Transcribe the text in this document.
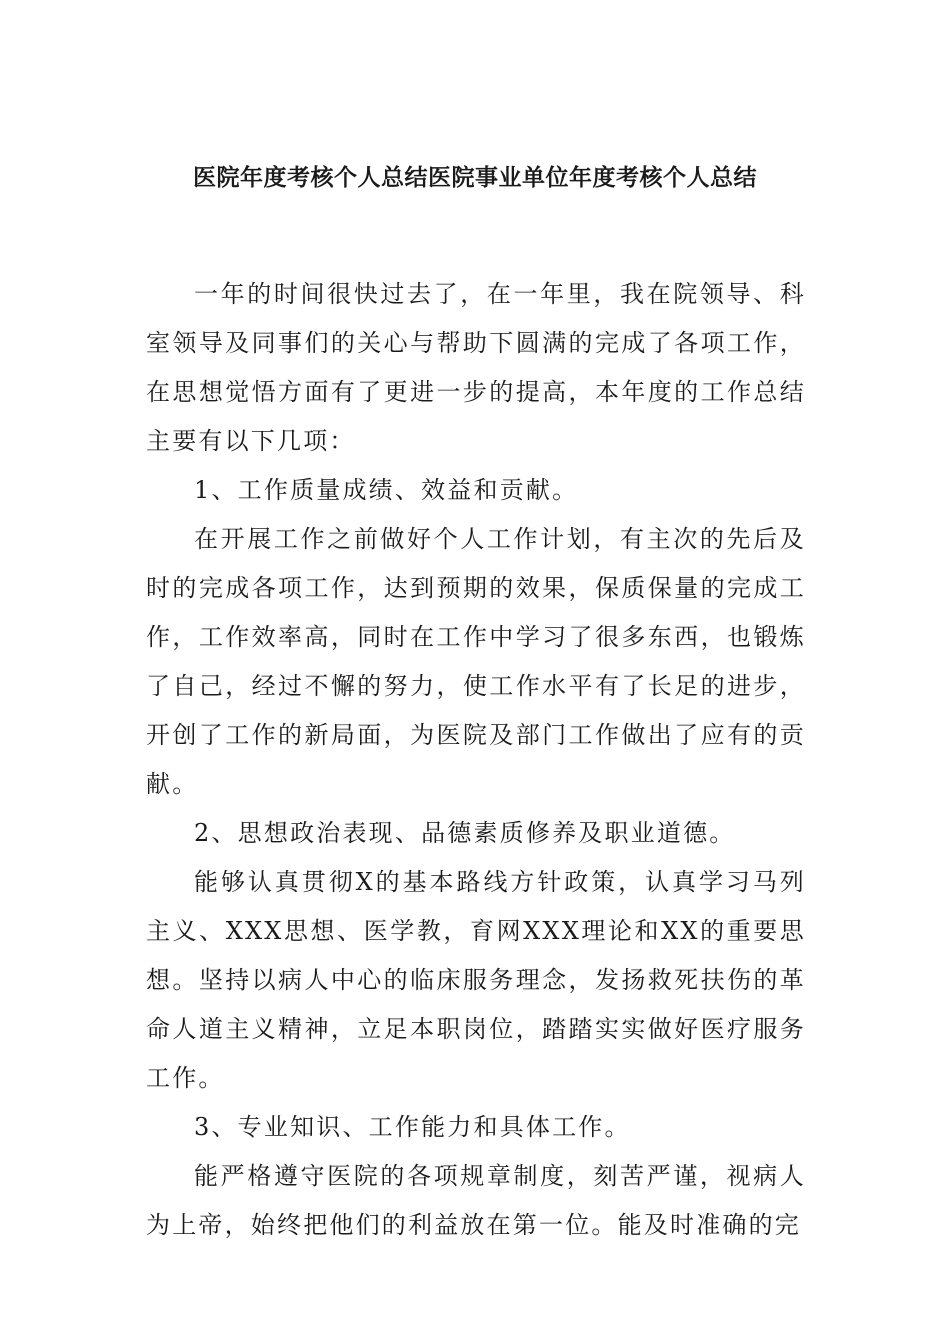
医院年度考核个人总结医院事业单位年度考核个人总结

一年的时间很快过去了，在一年里，我在院领导、科室领导及同事们的关心与帮助下圆满的完成了各项工作，在思想觉悟方面有了更进一步的提高，本年度的工作总结主要有以下几项：

1、工作质量成绩、效益和贡献。

在开展工作之前做好个人工作计划，有主次的先后及时的完成各项工作，达到预期的效果，保质保量的完成工作，工作效率高，同时在工作中学习了很多东西，也锻炼了自己，经过不懈的努力，使工作水平有了长足的进步，开创了工作的新局面，为医院及部门工作做出了应有的贡献。

2、思想政治表现、品德素质修养及职业道德。

能够认真贯彻X的基本路线方针政策，认真学习马列主义、XXX思想、医学教，育网XXX理论和XX的重要思想。坚持以病人中心的临床服务理念，发扬救死扶伤的革命人道主义精神，立足本职岗位，踏踏实实做好医疗服务工作。

3、专业知识、工作能力和具体工作。

能严格遵守医院的各项规章制度，刻苦严谨，视病人为上帝，始终把他们的利益放在第一位。能及时准确的完
